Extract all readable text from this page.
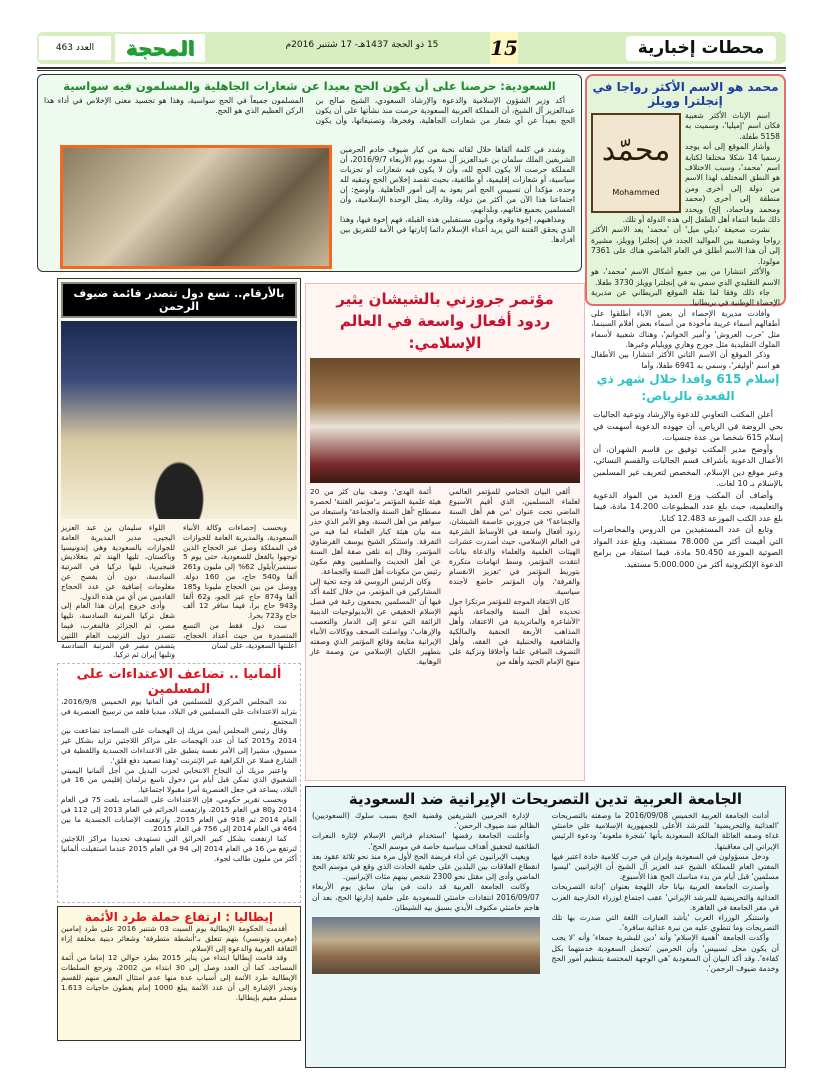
محطات إخبارية
15
15 ذو الحجة 1437هـ- 17 شتنبر 2016م
المحجة
العدد 463
محمد هو الاسم الأكثر رواجا في إنجلترا وويلز
محمّد
Mohammed

اسم الإناث الأكثر شعبية فكان اسم 'إميليا'، وسميت به 5158 طفلة.

وأشار الموقع إلى أنه يوجد رسميا 14 شكلا مختلفا لكتابة اسم 'محمد'، وسبب الاختلاف هو النطق المختلف لهذا الاسم من دولة إلى أخرى ومن منطقة إلى أخرى (محمد ومحمد وماحماد، إلخ) ويحدد ذلك طبعا انتماء أهل الطفل إلى هذه الدولة أو تلك.

نشرت صحيفة 'ديلي ميل' أن 'محمد' يعد الاسم الأكثر رواجا وشعبية بين المواليد الجدد في إنجلترا وويلز، مشيرة إلى أن هذا الاسم أطلق في العام الماضي هناك على 7361 مولودا.

والأكثر انتشارا من بين جميع أشكال الاسم 'محمد'، هو الاسم التقليدي الذي سمي به في إنجلترا وويلز 3730 طفلا.

جاء ذلك وفقا لما نقله الموقع البريطاني عن مديرية الإحصاء الوطنية في بريطانيا.

وأفادت مديرية الإحصاء أن بعض الآباء أطلقوا على أطفالهم أسماء غريبة مأخوذة من أسماء بعض أفلام السينما، مثل 'حرب العروش' و'أمير الخواتم'، وهناك شعبية لأسماء الملوك التقليدية مثل جورج وهاري وويليام وغيرها.

وذكر الموقع أن الاسم الثاني الأكثر انتشارا بين الأطفال هو اسم 'أوليفر'، وسمي به 6941 طفلا، وأما

السعودية: حرصنا على أن يكون الحج بعيدا عن شعارات الجاهلية والمسلمون فيه سواسية

أكد وزير الشؤون الإسلامية والدعوة والإرشاد السعودي، الشيخ صالح بن عبدالعزيز آل الشيخ، أن المملكة العربية السعودية حرصت منذ نشأتها على أن يكون الحج بعيداً عن أي شعار من شعارات الجاهلية، وفخرها، وتصنيفاتها، وأن يكون المسلمون جميعاً في الحج سواسية، وهذا هو تجسيد معنى الإخلاص في أداء هذا الركن العظيم الذي هو الحج.

وشدد في كلمة ألقاها خلال لقائه نخبة من كبار ضيوف خادم الحرمين الشريفين الملك سلمان بن عبدالعزيز آل سعود، يوم الأربعاء 2016/9/7، أن المملكة حرصت ألا يكون الحج لله، وأن لا يكون فيه شعارات أو تحزبات سياسية، أو شعارات إقليمية، أو طائفية، بحيث تقصد إخلاص الحج وتبقيه لله وحده. مؤكدا أن تسييس الحج أمر يعود به إلى أمور الجاهلية. وأوضح: إن اجتماعنا هذا الآن من أكثر من دولة، وقارة، يمثل الوحدة الإسلامية، وأن المسلمين بجميع فئاتهم، وبلدانهم،

ومذاهبهم، إخوة وقوة، ويأتون مستقبلين هذه القبلة، فهم إخوة فيها، وهذا الذي يحقق الفتنة التي يريد أعداء الإسلام دائما إثارتها في الأمة للتفريق بين أفرادها.

بالأرقام.. تسع دول تتصدر قائمة ضيوف الرحمن

وبحسب إحصاءات وكالة الأنباء السعودية، والمديرية العامة للجوازات في المملكة وصل عبر الحجاج الذين توجهوا بالفعل للسعودية، حتى يوم 5 سبتمبر/أيلول 62% إلى مليون و261 ألفا و540 حاج، من 160 دولة. ووصل من بين الحجاج مليونا و185 ألفا و874 حاج عبر الجو، و62 ألفا و943 حاج برا، فيما سافر 12 ألف حاج و723 بحرا.

ست دول فقط من التسع المتصدرة من حيث أعداد الحجاج، أعلنتها السعودية، على لسان

اللواء سليمان بن عبد العزيز اليحيى، مدير المديرية العامة للجوازات بالسعودية وهي إندونيسيا وباكستان، تليها الهند ثم بنغلاديش فنيجيريا، تليها تركيا في المرتبة السادسة، دون أن يفصح عن معلومات إضافية عن عدد الحجاج القادمين من أي من هذه الدول.

وأدى خروج إيران هذا العام إلى شغل تركيا المرتبة السادسة، تليها مصر، ثم الجزائر فالمغرب، فيما تتصدر دول الترتيب العام اللتين يتضمن مصر في المرتبة السادسة وتليها إيران ثم تركيا.

ألمانيا .. تضاعف الاعتداءات على المسلمين

ندد المجلس المركزي للمسلمين في ألمانيا يوم الخميس 2016/9/8، بتزايد الاعتداءات على المسلمين في البلاد، مبديا قلقه من ترسيخ العنصرية في المجتمع.

وقال رئيس المجلس أيمن مزيك إن الهجمات على المساجد تضاعفت بين 2014 و2015 كما أن عدد الهجمات على مراكز اللاجئين تزايد بشكل غير مسبوق، مشيرا إلى الأمر نفسه ينطبق على الاعتداءات الجسدية واللفظية في الشارع فضلا عن الكراهية عبر الإنترنت 'وهذا تصعيد دفع قلق'.

واعتبر مزيك أن النجاح الانتخابي لحزب البديل من أجل ألمانيا اليميني الشعبوي الذي تمكن قبل أيام من دخول تاسع برلمان إقليمي من 16 في البلاد، يساعد في جعل العنصرية أمرا مقبولا اجتماعيا.

وبحسب تقرير حكومي، فإن الاعتداءات على المساجد بلغت 75 في العام 2014 و80 في العام 2015، وارتفعت الجرائم في العام 2013 إلى 112 في العام 2014 ثم 918 في العام 2015. وارتفعت الإصابات الجسدية ما بين 464 في العام 2014 إلى 756 في العام 2015.

كما ارتفعت بشكل كبير الحرائق التي تستهدف تحديدا مراكز اللاجئين لترتفع من 16 في العام 2014 إلى 94 في العام 2015 عندما استقبلت ألمانيا أكثر من مليون طالب لجوء.

إيطاليا : ارتفاع حملة طرد الأئمة

أقدمت الحكومة الإيطالية يوم السبت 03 شتنبر 2016 على طرد إمامين (مغربي وتونسي) بتهم تتعلق بـ'أنشطة متطرفة' وشعائر دينية مخلفة إزاء الثقافة الغربية والدعوة إلى الإسلام.

وقد قامت إيطاليا ابتداء من يناير 2015 بطرد حوالي 12 إماما من أئمة المساجد، كما أن العدد وصل إلى 30 ابتداء من 2002، وترجع السلطات الإيطالية طرد الأئمة إلى أسباب عدة منها عدم امتثال البعض منهم للقسم وتجدر الإشارة إلى أن عدد الأئمة يبلغ 1000 إمام يغطون حاجيات 1.613 مسلم مقيم بإيطاليا.

مؤتمر جروزني بالشيشان يثير ردود أفعال واسعة في العالم الإسلامي:

ألقي البيان الختامي للمؤتمر العالمي لعلماء المسلمين، الذي أقيم الأسبوع الماضي تحت عنوان 'من هم أهل السنة والجماعة؟' في جروزني عاصمة الشيشان، ردود أفعال واسعة في الأوساط الشرعية في العالم الإسلامي، حيث أصدرت عشرات الهيئات العلمية والعلماء والدعاة بيانات انتقدت المؤتمر، وسط اتهامات متكررة بتوريط المؤتمر في 'تعزيز الانقسام والفرقة'، وأن المؤتمر خاضع لأجندة سياسية.

كان الانتقاد الموجه للمؤتمر مرتكزا حول تحديده أهل السنة والجماعة، بأنهم 'الأشاعرة والماتريدية في الاعتقاد، وأهل المذاهب الأربعة الحنفية والمالكية والشافعية والحنبلية في الفقه، وأهل التصوف الصافي علما وأخلاقا وتزكية على منهج الإمام الجنيد وأهله من

أئمة الهدى'. وصف بيان كثر من 20 هيئة علمية المؤتمر بـ'مؤتمر الفتنة' لحصره مصطلح 'أهل السنة والجماعة' واستبعاد من سواهم من أهل السنة، وهو الأمر الذي حذر منه بيان هيئة كبار العلماء لما فيه من التفرقة. واستنكر الشيخ يوسف القرضاوي المؤتمر، وقال إنه تلقى صفة أهل السنة عن أهل الحديث والسلفيين وهم مكون رئيس من مكونات أهل السنة والجماعة.

وكان الرئيس الروسي قد وجه تحية إلى المشاركين في المؤتمر، من خلال كلمة أكد فيها أن 'المسلمين يجمعون رغبة في فصل الإسلام الحقيقي عن الأيديولوجيات الدينية الزائفة التي تدعو إلى الدمار والتعصب والإرهاب'، وواصلت الصحف ووكالات الأنباء الإيرانية متابعة وقائع المؤتمر الذي وصفته بتطهير الكيان الإسلامي من وصمة عار الوهابية.

إسلام 615 وافدا خلال شهر ذي القعدة بالرياض:

أعلن المكتب التعاوني للدعوة والإرشاد وتوعية الجاليات بحي الروضة في الرياض، أن جهوده الدعوية أسهمت في إسلام 615 شخصا من عدة جنسيات.

وأوضح مدير المكتب توفيق بن قاسم الشهران، أن الأعمال الدعوية بأشراف قسم الجاليات والقسم النسائي، وعبر موقع دين الإسلام، المخصص لتعريف غير المسلمين بالإسلام بـ 10 لغات.

وأضاف أن المكتب وزع العديد من المواد الدعوية والتعليمية، حيث بلغ عدد المطبوعات 14.200 مادة، فيما بلغ عدد الكتب الموزعة 12.483 كتابا.

وتابع أن عدد المستفيدين من الدروس والمحاضرات التي أقيمت أكثر من 78.000 مستفيد، وبلغ عدد المواد الصوتية الموزعة 50.450 مادة، فيما استفاد من برامج الدعوة الإلكترونية أكثر من 5.000.000 مستفيد.

الجامعة العربية تدين التصريحات الإيرانية ضد السعودية

أدانت الجامعة العربية الخميس 2016/09/08 ما وصفته بالتصريحات 'العدائية والتحريضية' للمرشد الأعلى للجمهورية الإسلامية علي خامنئي غداة وصفه العائلة المالكة السعودية بأنها 'شجرة ملعونة' ودعوة الرئيس الإيراني إلى معاقبتها.

ودخل مسؤولون في السعودية وإيران في حرب كلامية حادة اعتبر فيها المفتي العام للمملكة الشيخ عبد العزيز آل الشيخ أن الإيرانيين 'ليسوا مسلمين' قبل أيام من بدء مناسك الحج هذا الأسبوع.

وأصدرت الجامعة العربية بيانا حاد اللهجة بعنوان 'إدانة التصريحات العدائية والتحريضية للمرشد الإيراني' عقب اجتماع لوزراء الخارجية العرب في مقر الجامعة في القاهرة.

واستنكر الوزراء العرب 'بأشد العبارات اللغة التي صدرت بها تلك التصريحات وما تنطوي عليه من نبرة عدائية سافرة'.

وأكدت الجامعة 'أهمية الإسلام' وأنه 'دين للبشرية جمعاء' وأنه 'لا يجب أن يكون محل تسييس' وأن الحرمين 'تتحمل السعودية خدمتهما بكل كفاءة'. وقد أكد البيان أن السعودية 'هي الوجهة المختصة بتنظيم أمور الحج وخدمة ضيوف الرحمن'.

لإدارة الحرمين الشريفين وقضية الحج بسبب سلوك (السعوديين) الظالم ضد ضيوف الرحمن'.

وأعلنت الجامعة رفضها 'استخدام فرائض الإسلام لإثارة النعرات الطائفية لتحقيق أهداف سياسية خاصة في موسم الحج'.

ويغيب الإيرانيون عن أداء فريضة الحج لأول مرة منذ نحو ثلاثة عقود بعد انقطاع العلاقات بين البلدين على خلفية الحادث الذي وقع في موسم الحج الماضي وأدى إلى مقتل نحو 2300 شخص بينهم مئات الإيرانيين.

وكانت الجامعة العربية قد دانت في بيان سابق يوم الأربعاء 2016/09/07 انتقادات خامنئي للسعودية على خلفية إدارتها الحج، بعد أن هاجم خامنئي مكتوف الأيدي بسبق بيه الشيطان.
